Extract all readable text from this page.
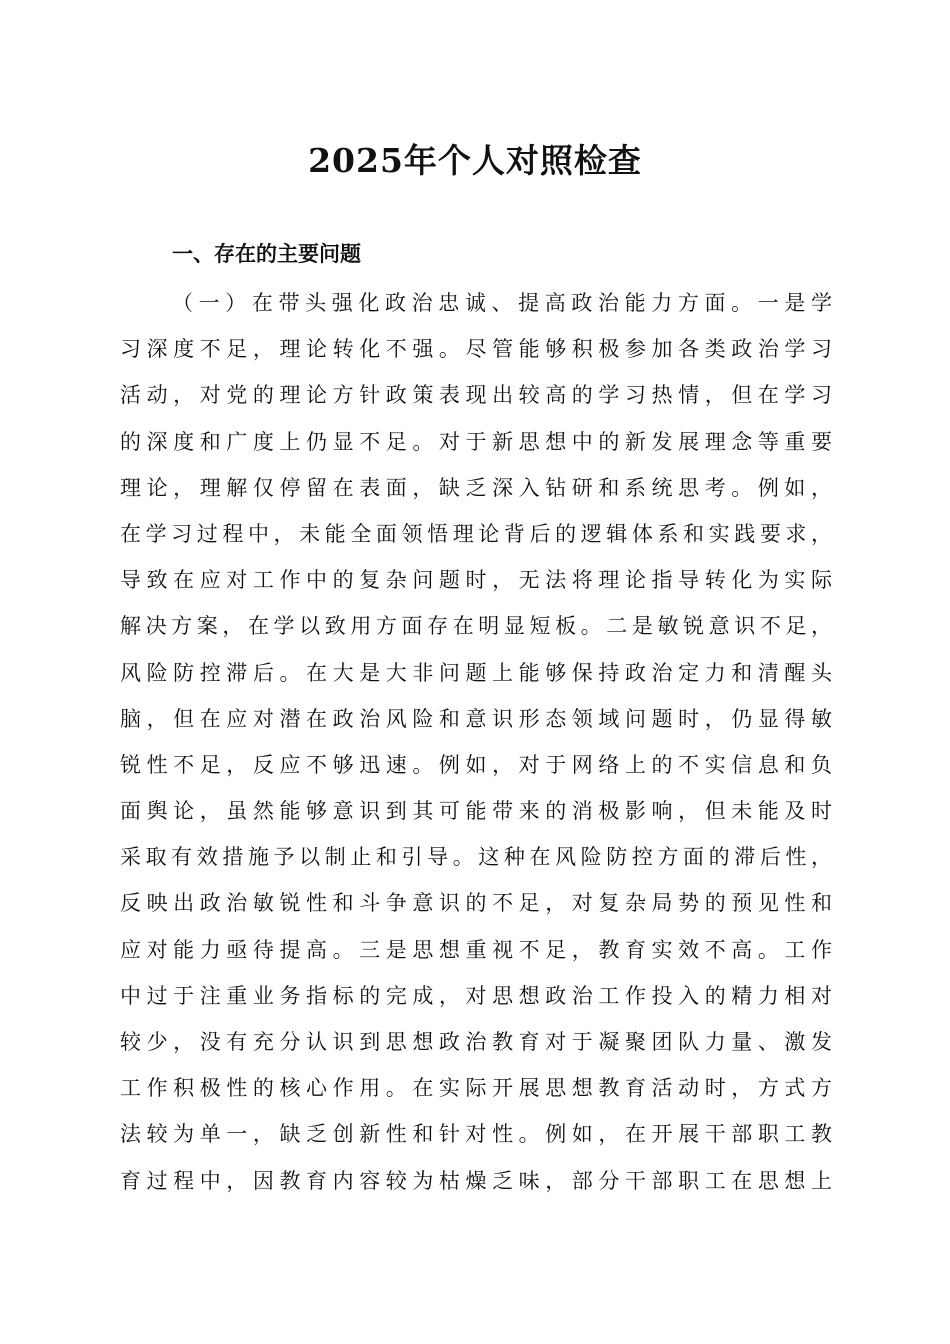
2025年个人对照检查
一、存在的主要问题
（一）在带头强化政治忠诚、提高政治能力方面。一是学
习深度不足，理论转化不强。尽管能够积极参加各类政治学习
活动，对党的理论方针政策表现出较高的学习热情，但在学习
的深度和广度上仍显不足。对于新思想中的新发展理念等重要
理论，理解仅停留在表面，缺乏深入钻研和系统思考。例如，
在学习过程中，未能全面领悟理论背后的逻辑体系和实践要求，
导致在应对工作中的复杂问题时，无法将理论指导转化为实际
解决方案，在学以致用方面存在明显短板。二是敏锐意识不足，
风险防控滞后。在大是大非问题上能够保持政治定力和清醒头
脑，但在应对潜在政治风险和意识形态领域问题时，仍显得敏
锐性不足，反应不够迅速。例如，对于网络上的不实信息和负
面舆论，虽然能够意识到其可能带来的消极影响，但未能及时
采取有效措施予以制止和引导。这种在风险防控方面的滞后性，
反映出政治敏锐性和斗争意识的不足，对复杂局势的预见性和
应对能力亟待提高。三是思想重视不足，教育实效不高。工作
中过于注重业务指标的完成，对思想政治工作投入的精力相对
较少，没有充分认识到思想政治教育对于凝聚团队力量、激发
工作积极性的核心作用。在实际开展思想教育活动时，方式方
法较为单一，缺乏创新性和针对性。例如，在开展干部职工教
育过程中，因教育内容较为枯燥乏味，部分干部职工在思想上
